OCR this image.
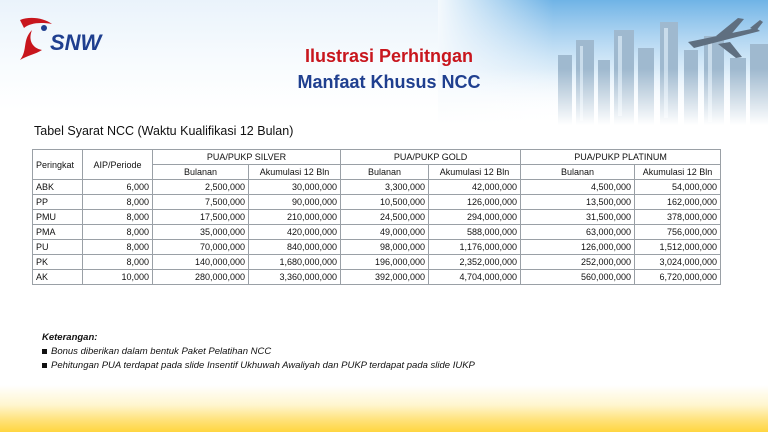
SNW
Ilustrasi Perhitngan
Manfaat Khusus NCC
Tabel Syarat NCC (Waktu Kualifikasi 12 Bulan)
Peringkat	AIP/Periode	PUA/PUKP SILVER		PUA/PUKP GOLD		PUA/PUKP PLATINUM	
		Bulanan	Akumulasi 12 Bln	Bulanan	Akumulasi 12 Bln	Bulanan	Akumulasi 12 Bln
ABK	6,000	2,500,000	30,000,000	3,300,000	42,000,000	4,500,000	54,000,000
PP	8,000	7,500,000	90,000,000	10,500,000	126,000,000	13,500,000	162,000,000
PMU	8,000	17,500,000	210,000,000	24,500,000	294,000,000	31,500,000	378,000,000
PMA	8,000	35,000,000	420,000,000	49,000,000	588,000,000	63,000,000	756,000,000
PU	8,000	70,000,000	840,000,000	98,000,000	1,176,000,000	126,000,000	1,512,000,000
PK	8,000	140,000,000	1,680,000,000	196,000,000	2,352,000,000	252,000,000	3,024,000,000
AK	10,000	280,000,000	3,360,000,000	392,000,000	4,704,000,000	560,000,000	6,720,000,000
Keterangan:
Bonus diberikan dalam bentuk Paket Pelatihan NCC
Pehitungan PUA terdapat pada slide Insentif Ukhuwah Awaliyah dan PUKP terdapat pada slide IUKP
